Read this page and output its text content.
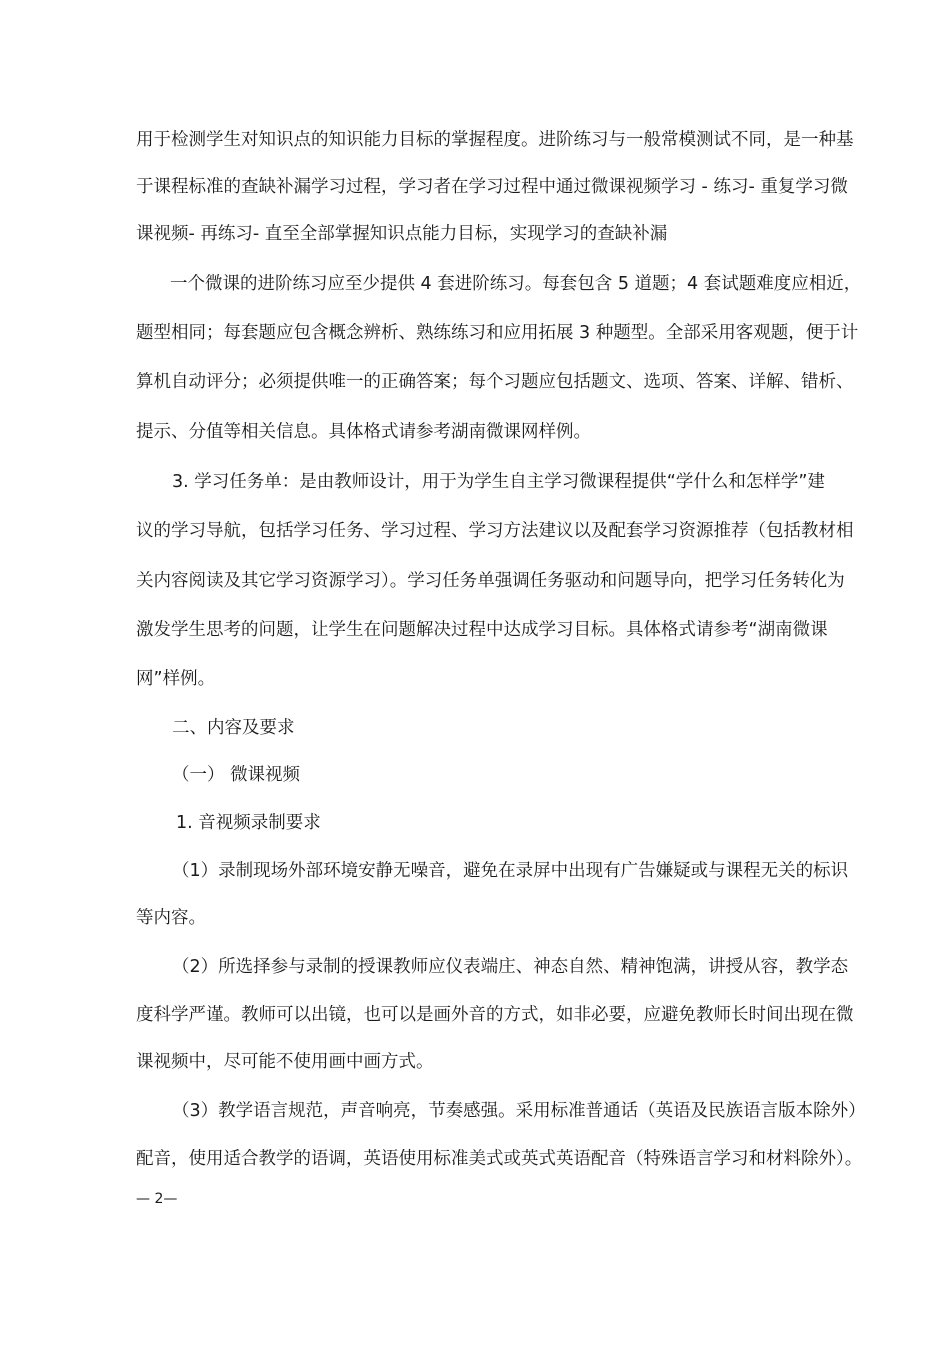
用于检测学生对知识点的知识能力目标的掌握程度。进阶练习与一般常模测试不同，是一种基
于课程标准的查缺补漏学习过程，学习者在学习过程中通过微课视频学习 - 练习- 重复学习微
课视频- 再练习- 直至全部掌握知识点能力目标，实现学习的查缺补漏
一个微课的进阶练习应至少提供 4 套进阶练习。每套包含 5 道题；4 套试题难度应相近，
题型相同；每套题应包含概念辨析、熟练练习和应用拓展 3 种题型。全部采用客观题，便于计
算机自动评分；必须提供唯一的正确答案；每个习题应包括题文、选项、答案、详解、错析、
提示、分值等相关信息。具体格式请参考湖南微课网样例。
3. 学习任务单：是由教师设计，用于为学生自主学习微课程提供“学什么和怎样学”建
议的学习导航，包括学习任务、学习过程、学习方法建议以及配套学习资源推荐（包括教材相
关内容阅读及其它学习资源学习）。学习任务单强调任务驱动和问题导向，把学习任务转化为
激发学生思考的问题，让学生在问题解决过程中达成学习目标。具体格式请参考“湖南微课
网”样例。
二、内容及要求
（一） 微课视频
1. 音视频录制要求
（1）录制现场外部环境安静无噪音，避免在录屏中出现有广告嫌疑或与课程无关的标识
等内容。
（2）所选择参与录制的授课教师应仪表端庄、神态自然、精神饱满，讲授从容，教学态
度科学严谨。教师可以出镜，也可以是画外音的方式，如非必要，应避免教师长时间出现在微
课视频中，尽可能不使用画中画方式。
（3）教学语言规范，声音响亮，节奏感强。采用标准普通话（英语及民族语言版本除外）
配音，使用适合教学的语调，英语使用标准美式或英式英语配音（特殊语言学习和材料除外）。
— 2—
